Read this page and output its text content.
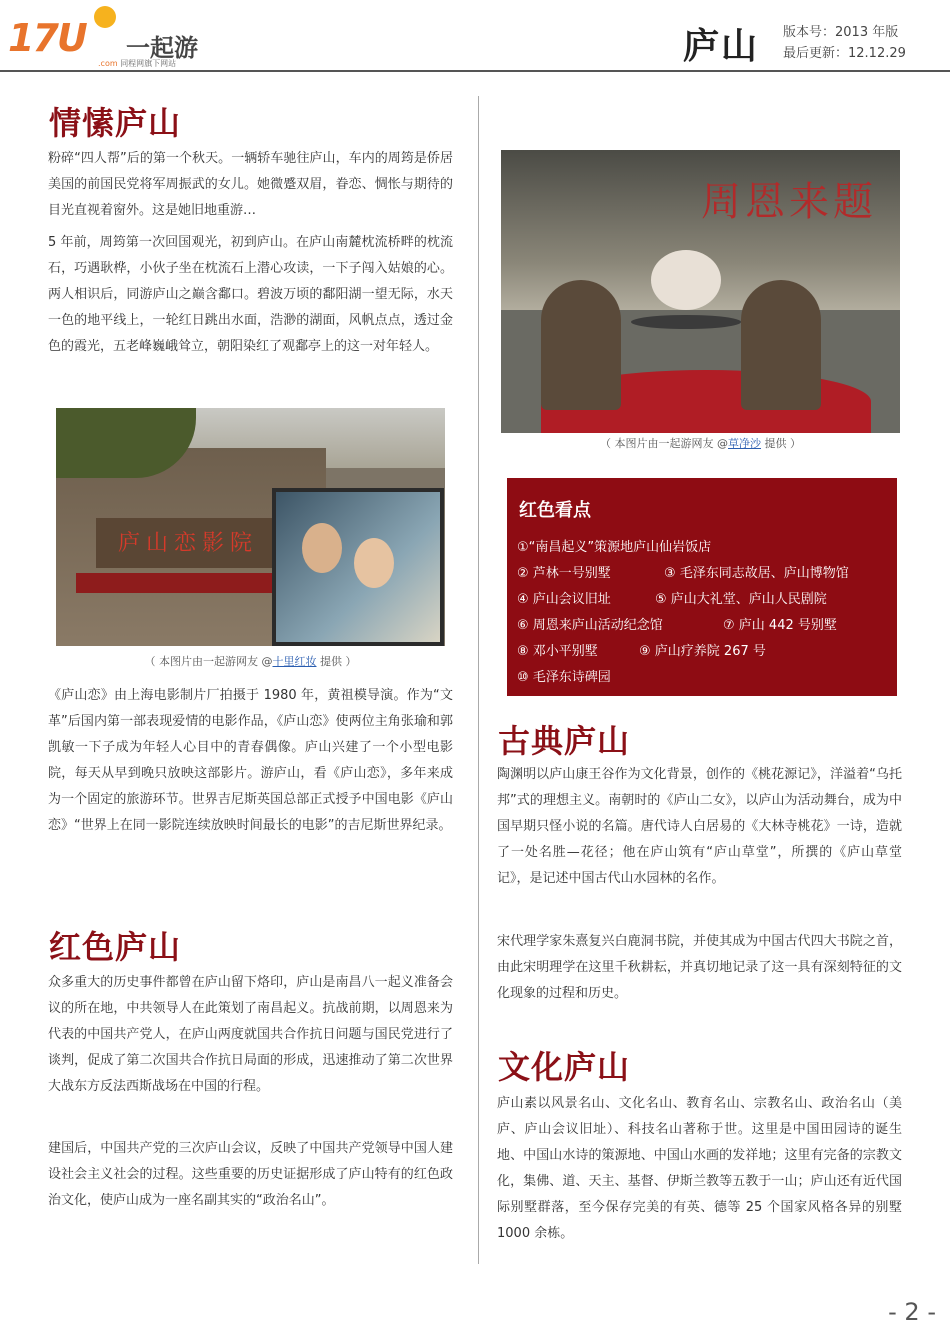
17U 一起游
.com 同程网旗下网站	庐山 版本号：2013 年版
最后更新：12.12.29
情愫庐山

粉碎“四人帮”后的第一个秋天。一辆轿车驰往庐山，车内的周筠是侨居美国的前国民党将军周振武的女儿。她微蹙双眉，眷恋、惆怅与期待的目光直视着窗外。这是她旧地重游…

5 年前，周筠第一次回国观光，初到庐山。在庐山南麓枕流桥畔的枕流石，巧遇耿桦，小伙子坐在枕流石上潜心攻读，一下子闯入姑娘的心。两人相识后，同游庐山之巅含鄱口。碧波万顷的鄱阳湖一望无际，水天一色的地平线上，一轮红日跳出水面，浩渺的湖面，风帆点点，透过金色的霞光，五老峰巍峨耸立，朝阳染红了观鄱亭上的这一对年轻人。

庐山恋影院
（ 本图片由一起游网友 @十里红妆 提供 ）

《庐山恋》由上海电影制片厂拍摄于 1980 年，黄祖模导演。作为“文革”后国内第一部表现爱情的电影作品，《庐山恋》使两位主角张瑜和郭凯敏一下子成为年轻人心目中的青春偶像。庐山兴建了一个小型电影院，每天从早到晚只放映这部影片。游庐山，看《庐山恋》，多年来成为一个固定的旅游环节。世界吉尼斯英国总部正式授予中国电影《庐山恋》“世界上在同一影院连续放映时间最长的电影”的吉尼斯世界纪录。

红色庐山

众多重大的历史事件都曾在庐山留下烙印，庐山是南昌八一起义准备会议的所在地，中共领导人在此策划了南昌起义。抗战前期，以周恩来为代表的中国共产党人，在庐山两度就国共合作抗日问题与国民党进行了谈判，促成了第二次国共合作抗日局面的形成，迅速推动了第二次世界大战东方反法西斯战场在中国的行程。

建国后，中国共产党的三次庐山会议，反映了中国共产党领导中国人建设社会主义社会的过程。这些重要的历史证据形成了庐山特有的红色政治文化，使庐山成为一座名副其实的“政治名山”。

周恩来题
（ 本图片由一起游网友 @草净沙 提供 ）
红色看点
①“南昌起义”策源地庐山仙岩饭店
② 芦林一号别墅	③ 毛泽东同志故居、庐山博物馆
④ 庐山会议旧址	⑤ 庐山大礼堂、庐山人民剧院
⑥ 周恩来庐山活动纪念馆	⑦ 庐山 442 号别墅
⑧ 邓小平别墅	⑨ 庐山疗养院 267 号
⑩ 毛泽东诗碑园
古典庐山

陶渊明以庐山康王谷作为文化背景，创作的《桃花源记》，洋溢着“乌托邦”式的理想主义。南朝时的《庐山二女》，以庐山为活动舞台，成为中国早期只怪小说的名篇。唐代诗人白居易的《大林寺桃花》一诗，造就了一处名胜—花径；他在庐山筑有“庐山草堂”，所撰的《庐山草堂记》，是记述中国古代山水园林的名作。

宋代理学家朱熹复兴白鹿洞书院，并使其成为中国古代四大书院之首，由此宋明理学在这里千秋耕耘，并真切地记录了这一具有深刻特征的文化现象的过程和历史。

文化庐山

庐山素以风景名山、文化名山、教育名山、宗教名山、政治名山（美庐、庐山会议旧址）、科技名山著称于世。这里是中国田园诗的诞生地、中国山水诗的策源地、中国山水画的发祥地；这里有完备的宗教文化，集佛、道、天主、基督、伊斯兰教等五教于一山；庐山还有近代国际别墅群落，至今保存完美的有英、德等 25 个国家风格各异的别墅 1000 余栋。

- 2 -
